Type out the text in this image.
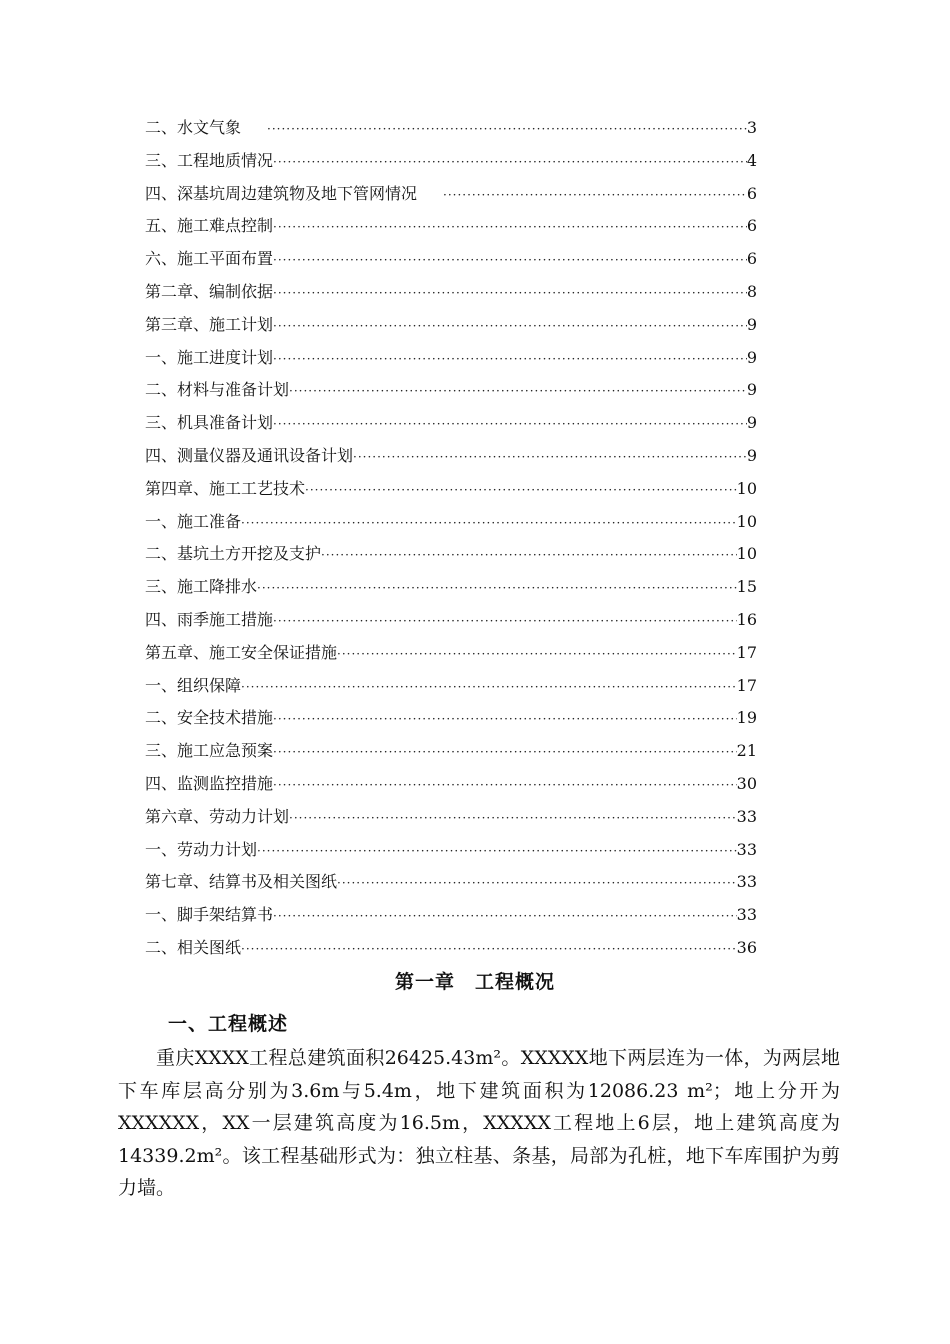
二、水文气象 ·····	3
三、工程地质情况 ·····	4
四、深基坑周边建筑物及地下管网情况 ·····	6
五、施工难点控制 ·····	6
六、施工平面布置 ·····	6
第二章、编制依据 ·····	8
第三章、施工计划 ·····	9
一、施工进度计划 ·····	9
二、材料与准备计划 ·····	9
三、机具准备计划 ·····	9
四、测量仪器及通讯设备计划 ·····	9
第四章、施工工艺技术 ·····	10
一、施工准备 ·····	10
二、基坑土方开挖及支护 ·····	10
三、施工降排水 ·····	15
四、雨季施工措施 ·····	16
第五章、施工安全保证措施 ·····	17
一、组织保障 ·····	17
二、安全技术措施 ·····	19
三、施工应急预案 ·····	21
四、监测监控措施 ·····	30
第六章、劳动力计划 ·····	33
一、劳动力计划 ·····	33
第七章、结算书及相关图纸 ·····	33
一、脚手架结算书 ·····	33
二、相关图纸 ·····	36
第一章　工程概况
一、工程概述

重庆XXXX工程总建筑面积26425.43m²。XXXXX地下两层连为一体，为两层地下车库层高分别为3.6m与5.4m，地下建筑面积为12086.23 m²；地上分开为XXXXXX，XX一层建筑高度为16.5m，XXXXX工程地上6层，地上建筑高度为14339.2m²。该工程基础形式为：独立柱基、条基，局部为孔桩，地下车库围护为剪力墙。
